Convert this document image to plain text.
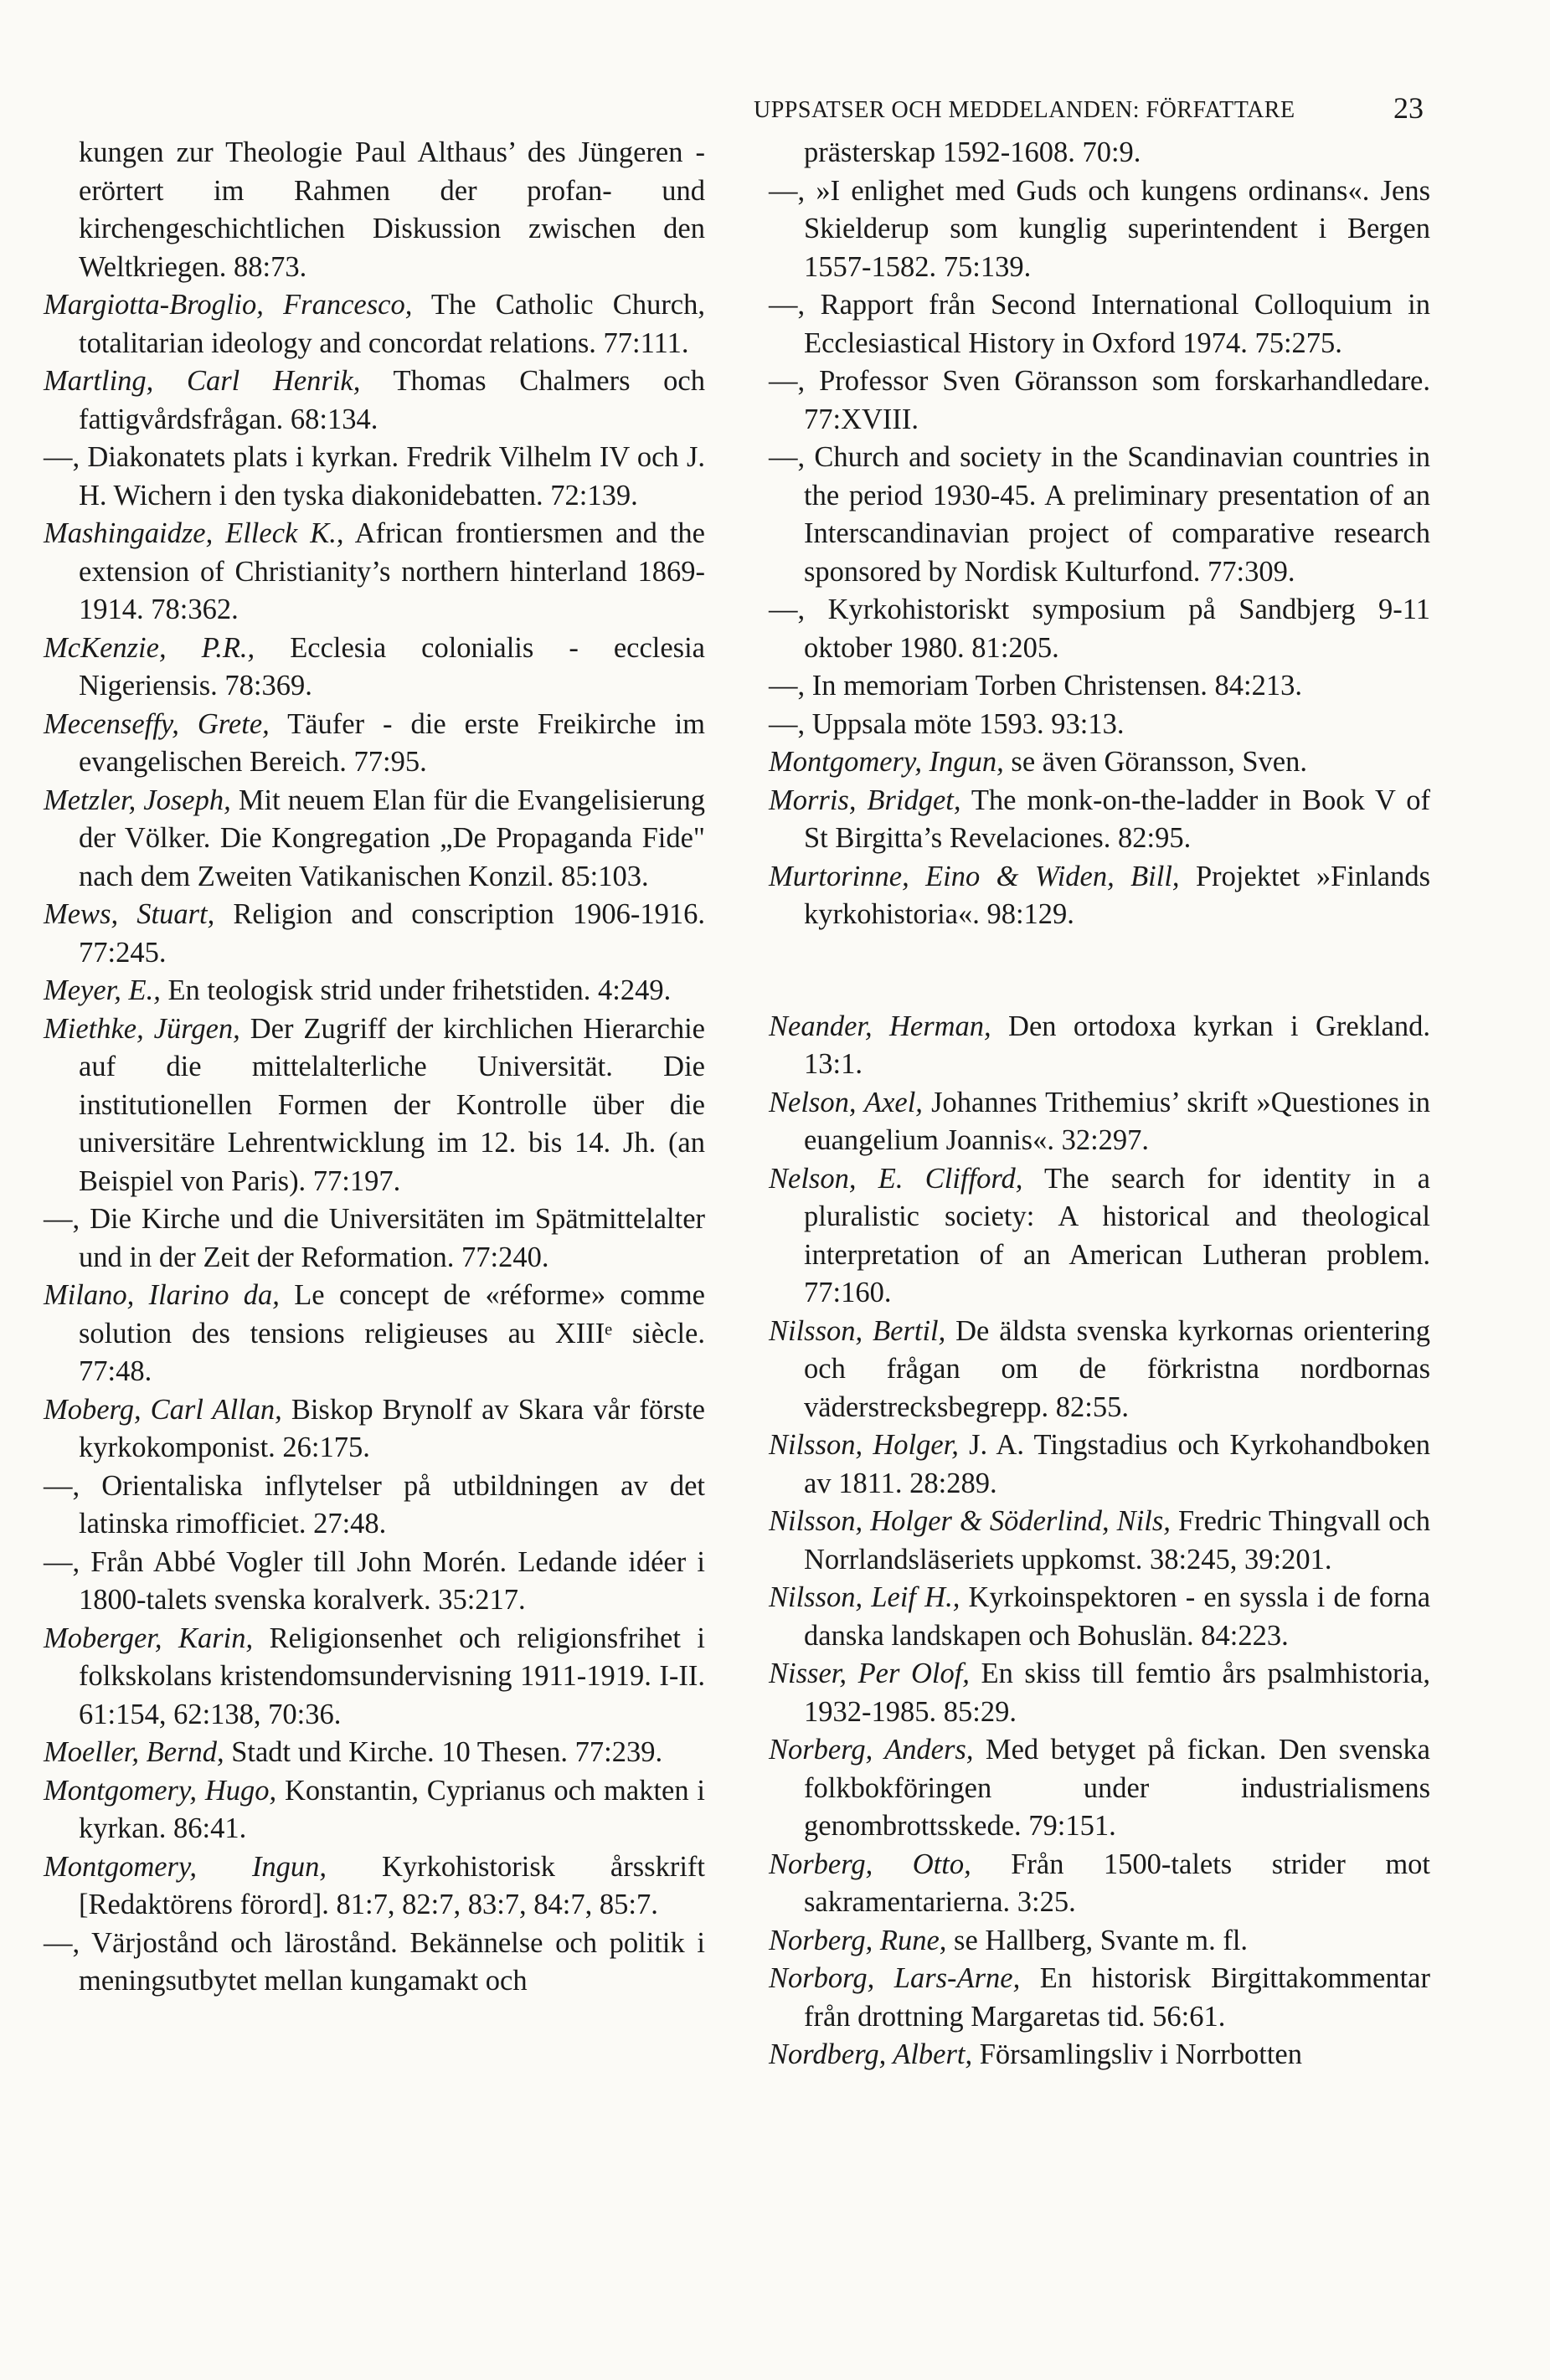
UPPSATSER OCH MEDDELANDEN: FÖRFATTARE	23

kungen zur Theologie Paul Althaus’ des Jüngeren - erörtert im Rahmen der profan- und kirchengeschichtlichen Diskussion zwischen den Weltkriegen. 88:73.

Margiotta-Broglio, Francesco, The Catholic Church, totalitarian ideology and concordat relations. 77:111.

Martling, Carl Henrik, Thomas Chalmers och fattigvårdsfrågan. 68:134.

—, Diakonatets plats i kyrkan. Fredrik Vilhelm IV och J. H. Wichern i den tyska diakonidebatten. 72:139.

Mashingaidze, Elleck K., African frontiersmen and the extension of Christianity’s northern hinterland 1869-1914. 78:362.

McKenzie, P.R., Ecclesia colonialis - ecclesia Nigeriensis. 78:369.

Mecenseffy, Grete, Täufer - die erste Freikirche im evangelischen Bereich. 77:95.

Metzler, Joseph, Mit neuem Elan für die Evangelisierung der Völker. Die Kongregation „De Propaganda Fide" nach dem Zweiten Vatikanischen Konzil. 85:103.

Mews, Stuart, Religion and conscription 1906-1916. 77:245.

Meyer, E., En teologisk strid under frihetstiden. 4:249.

Miethke, Jürgen, Der Zugriff der kirchlichen Hierarchie auf die mittelalterliche Universität. Die institutionellen Formen der Kontrolle über die universitäre Lehrentwicklung im 12. bis 14. Jh. (an Beispiel von Paris). 77:197.

—, Die Kirche und die Universitäten im Spätmittelalter und in der Zeit der Reformation. 77:240.

Milano, Ilarino da, Le concept de «réforme» comme solution des tensions religieuses au XIIIᵉ siècle. 77:48.

Moberg, Carl Allan, Biskop Brynolf av Skara vår förste kyrkokomponist. 26:175.

—, Orientaliska inflytelser på utbildningen av det latinska rimofficiet. 27:48.

—, Från Abbé Vogler till John Morén. Ledande idéer i 1800-talets svenska koralverk. 35:217.

Moberger, Karin, Religionsenhet och religionsfrihet i folkskolans kristendomsundervisning 1911-1919. I-II. 61:154, 62:138, 70:36.

Moeller, Bernd, Stadt und Kirche. 10 Thesen. 77:239.

Montgomery, Hugo, Konstantin, Cyprianus och makten i kyrkan. 86:41.

Montgomery, Ingun, Kyrkohistorisk årsskrift [Redaktörens förord]. 81:7, 82:7, 83:7, 84:7, 85:7.

—, Värjostånd och lärostånd. Bekännelse och politik i meningsutbytet mellan kungamakt och

prästerskap 1592-1608. 70:9.

—, »I enlighet med Guds och kungens ordinans«. Jens Skielderup som kunglig superintendent i Bergen 1557-1582. 75:139.

—, Rapport från Second International Colloquium in Ecclesiastical History in Oxford 1974. 75:275.

—, Professor Sven Göransson som forskarhandledare. 77:XVIII.

—, Church and society in the Scandinavian countries in the period 1930-45. A preliminary presentation of an Interscandinavian project of comparative research sponsored by Nordisk Kulturfond. 77:309.

—, Kyrkohistoriskt symposium på Sandbjerg 9-11 oktober 1980. 81:205.

—, In memoriam Torben Christensen. 84:213.

—, Uppsala möte 1593. 93:13.

Montgomery, Ingun, se även Göransson, Sven.

Morris, Bridget, The monk-on-the-ladder in Book V of St Birgitta’s Revelaciones. 82:95.

Murtorinne, Eino & Widen, Bill, Projektet »Finlands kyrkohistoria«. 98:129.

Neander, Herman, Den ortodoxa kyrkan i Grekland. 13:1.

Nelson, Axel, Johannes Trithemius’ skrift »Questiones in euangelium Joannis«. 32:297.

Nelson, E. Clifford, The search for identity in a pluralistic society: A historical and theological interpretation of an American Lutheran problem. 77:160.

Nilsson, Bertil, De äldsta svenska kyrkornas orientering och frågan om de förkristna nordbornas väderstrecksbegrepp. 82:55.

Nilsson, Holger, J. A. Tingstadius och Kyrkohandboken av 1811. 28:289.

Nilsson, Holger & Söderlind, Nils, Fredric Thingvall och Norrlandsläseriets uppkomst. 38:245, 39:201.

Nilsson, Leif H., Kyrkoinspektoren - en syssla i de forna danska landskapen och Bohuslän. 84:223.

Nisser, Per Olof, En skiss till femtio års psalmhistoria, 1932-1985. 85:29.

Norberg, Anders, Med betyget på fickan. Den svenska folkbokföringen under industrialismens genombrottsskede. 79:151.

Norberg, Otto, Från 1500-talets strider mot sakramentarierna. 3:25.

Norberg, Rune, se Hallberg, Svante m. fl.

Norborg, Lars-Arne, En historisk Birgittakommentar från drottning Margaretas tid. 56:61.

Nordberg, Albert, Församlingsliv i Norrbotten
